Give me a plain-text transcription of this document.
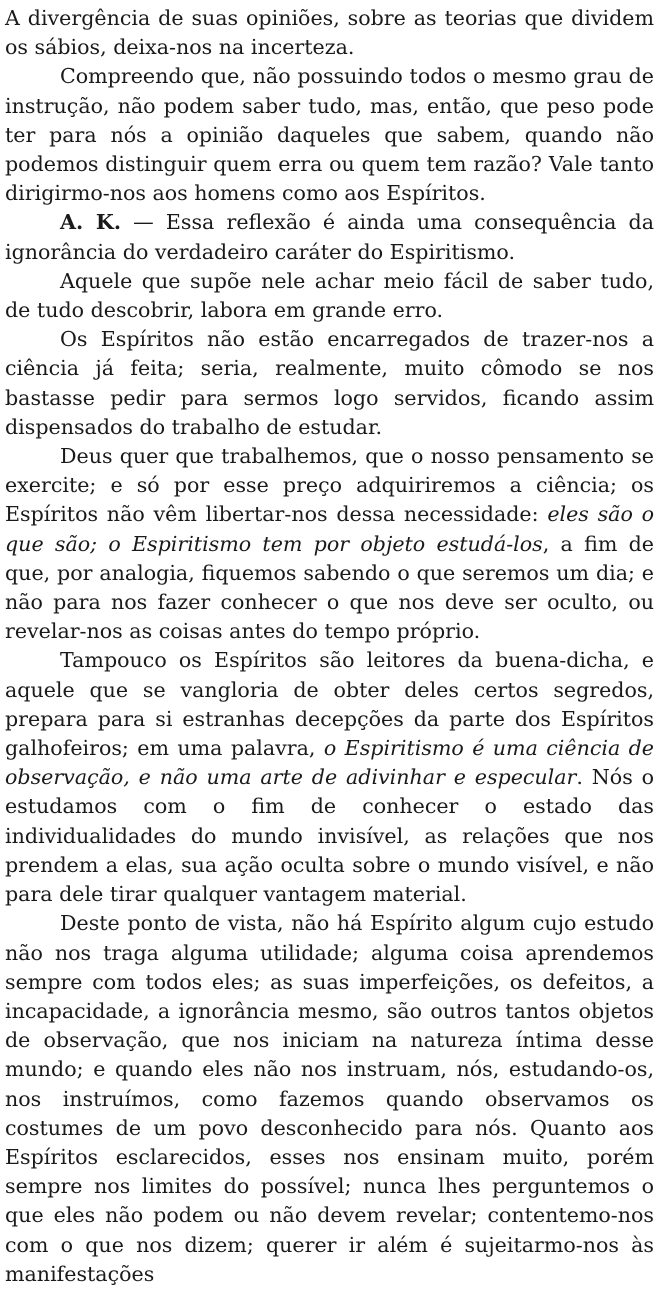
A divergência de suas opiniões, sobre as teorias que dividem os sábios, deixa-nos na incerteza.

Compreendo que, não possuindo todos o mesmo grau de instrução, não podem saber tudo, mas, então, que peso pode ter para nós a opinião daqueles que sabem, quando não podemos distinguir quem erra ou quem tem razão? Vale tanto dirigirmo-nos aos homens como aos Espíritos.

A. K. — Essa reflexão é ainda uma consequência da ignorância do verdadeiro caráter do Espiritismo.

Aquele que supõe nele achar meio fácil de saber tudo, de tudo descobrir, labora em grande erro.

Os Espíritos não estão encarregados de trazer-nos a ciência já feita; seria, realmente, muito cômodo se nos bastasse pedir para sermos logo servidos, ficando assim dispensados do trabalho de estudar.

Deus quer que trabalhemos, que o nosso pensamento se exercite; e só por esse preço adquiriremos a ciência; os Espíritos não vêm libertar-nos dessa necessidade: eles são o que são; o Espiritismo tem por objeto estudá-los, a fim de que, por analogia, fiquemos sabendo o que seremos um dia; e não para nos fazer conhecer o que nos deve ser oculto, ou revelar-nos as coisas antes do tempo próprio.

Tampouco os Espíritos são leitores da buena-dicha, e aquele que se vangloria de obter deles certos segredos, prepara para si estranhas decepções da parte dos Espíritos galhofeiros; em uma palavra, o Espiritismo é uma ciência de observação, e não uma arte de adivinhar e especular. Nós o estudamos com o fim de conhecer o estado das individualidades do mundo invisível, as relações que nos prendem a elas, sua ação oculta sobre o mundo visível, e não para dele tirar qualquer vantagem material.

Deste ponto de vista, não há Espírito algum cujo estudo não nos traga alguma utilidade; alguma coisa aprendemos sempre com todos eles; as suas imperfeições, os defeitos, a incapacidade, a ignorância mesmo, são outros tantos objetos de observação, que nos iniciam na natureza íntima desse mundo; e quando eles não nos instruam, nós, estudando-os, nos instruímos, como fazemos quando observamos os costumes de um povo desconhecido para nós. Quanto aos Espíritos esclarecidos, esses nos ensinam muito, porém sempre nos limites do possível; nunca lhes perguntemos o que eles não podem ou não devem revelar; contentemo-nos com o que nos dizem; querer ir além é sujeitarmo-nos às manifestações
